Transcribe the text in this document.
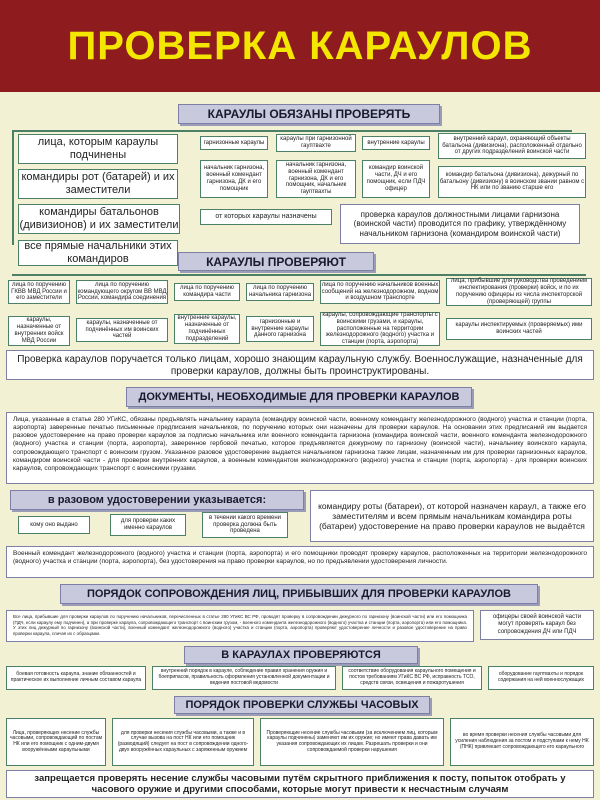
ПРОВЕРКА КАРАУЛОВ
КАРАУЛЫ ОБЯЗАНЫ ПРОВЕРЯТЬ
лица, которым караулы подчинены
командиры рот (батарей) и их заместители
командиры батальонов (дивизионов) и их заместители
все прямые начальники этих командиров
гарнизонные караулы
караулы при гарнизонной гауптвахте
внутренние караулы
внутренний караул, охраняющий объекты батальона (дивизиона), расположенный отдельно от других подразделений воинской части
начальник гарнизона, военный комендант гарнизона, ДК и его помощник
начальник гарнизона, военный комендант гарнизона, ДК и его помощник, начальник гауптвахты
командир воинской части, ДЧ и его помощник, если ПДЧ офицер
командир батальона (дивизиона), дежурный по батальону (дивизиону) в воинском звании равном с НК или по званию старше его
от которых караулы назначены	проверка караулов должностными лицами гарнизона (воинской части) проводится по графику, утверждённому начальником гарнизона (командиром воинской части)
КАРАУЛЫ ПРОВЕРЯЮТ
лица по поручению ГКВВ МВД России и его заместители
лица по поручению командующего округом ВВ МВД России, командира соединения
лица по поручению командира части
лица по поручению начальника гарнизона
лица по поручению начальников военных сообщений на железнодорожном, водном и воздушном транспорте
лица, прибывшие для руководства проведением инспектирования (проверки) войск, и по их поручению офицеры из числа инспекторской (проверяющей) группы
караулы, назначенные от внутренних войск МВД России
караулы, назначенные от подчинённых им воинских частей
внутренние караулы, назначенные от подчинённых подразделений
гарнизонные и внутренние караулы данного гарнизона
караулы, сопровождающие транспорты с воинскими грузами, и караулы, расположенные на территории железнодорожного (водного) участка и станции (порта, аэропорта)
караулы инспектируемых (проверяемых) ими воинских частей
Проверка караулов поручается только лицам, хорошо знающим караульную службу. Военнослужащие, назначенные для проверки караулов, должны быть проинструктированы.
ДОКУМЕНТЫ, НЕОБХОДИМЫЕ ДЛЯ ПРОВЕРКИ КАРАУЛОВ
Лица, указанные в статье 280 УГиКС, обязаны предъявлять начальнику караула (командиру воинской части, военному коменданту железнодорожного (водного) участка и станции (порта, аэропорта) заверенные печатью письменные предписания начальников, по поручению которых они назначены для проверки караулов. На основании этих предписаний им выдается разовое удостоверение на право проверки караулов за подписью начальника или военного коменданта гарнизона (командира воинской части, военного коменданта железнодорожного (водного) участка и станции (порта, аэропорта), заверенное гербовой печатью, которое предъявляется дежурному по гарнизону (воинской части), начальнику воинского караула, сопровождающего транспорт с воинским грузом. Указанное разовое удостоверение выдается начальником гарнизона также лицам, назначенным им для проверки гарнизонных караулов, командиром воинской части - для проверки внутренних караулов, а военным комендантом железнодорожного (водного) участка и станции (порта, аэропорта) - для проверки воинских караулов, сопровождающих транспорт с воинскими грузами.
в разовом удостоверении указывается:
кому оно выдано
для проверки каких именно караулов
в течении какого времени проверка должна быть проведена
командиру роты (батареи), от которой назначен караул, а также его заместителям и всем прямым начальникам командира роты (батареи) удостоверение на право проверки караулов не выдаётся
Военный комендант железнодорожного (водного) участка и станции (порта, аэропорта) и его помощники проводят проверку караулов, расположенных на территории железнодорожного (водного) участка и станции (порта, аэропорта), без удостоверения на право проверки караулов, но по предъявлении удостоверения личности.
ПОРЯДОК СОПРОВОЖДЕНИЯ ЛИЦ, ПРИБЫВШИХ ДЛЯ ПРОВЕРКИ КАРАУЛОВ
Все лица, прибывшие для проверки караулов по поручению начальников, перечисленных в статье 280 УГиКС ВС РФ, проводят проверку в сопровождении дежурного по гарнизону (воинской части) или его помощника (ПДЧ, если караулу ему подчинен), а при проверке караула, сопровождающего транспорт с воинским грузом, - военного коменданта железнодорожного (водного) участка и станции (порта, аэропорта) или его помощника. У этих лиц дежурный по гарнизону (воинской части), военный комендант железнодорожного (водного) участка и станции (порта, аэропорта) проверяют удостоверение личности и разовое удостоверение на право проверки караула, сличая их с образцами.
офицеры своей воинской части могут проверять караул без сопровождения ДЧ или ПДЧ
В КАРАУЛАХ ПРОВЕРЯЮТСЯ
боевая готовность караула, знание обязанностей и практическое их выполнение личным составом караула
внутренний порядок в карауле, соблюдение правил хранения оружия и боеприпасов, правильность оформления установленной документации и ведения постовой ведомости
соответствие оборудования караульного помещения и постов требованиям УГиКС ВС РФ, исправность ТСО, средств связи, освещения и пожаротушения
оборудование гауптвахты и порядок содержания на ней военнослужащих
ПОРЯДОК ПРОВЕРКИ СЛУЖБЫ ЧАСОВЫХ
Лица, проверяющих несение службы часовыми, сопровождающий по постам НК или его помощник с одним-двумя вооружёнными караульными
для проверки несения службы часовыми, а также и в случае вызова на пост НК или его помощник (разводящий) следует на пост в сопровождении одного-двух вооружённых караульных с заряженным оружием
Проверяющие несение службы часовыми (за исключением лиц, которым караулы подчинены) заменяют им их оружие; но имеют права давать им указания сопровождающих их лицам. Разрешать проверки и они сопровождаемой проверки нарушения
во время проверки несения службы часовыми для усиления наблюдения за постом и подступами к нему НК (ПНК) привлекает сопровождающего его караульного
запрещается проверять несение службы часовыми путём скрытного приближения к посту, попыток отобрать у часового оружие и другими способами, которые могут привести к несчастным случаям
